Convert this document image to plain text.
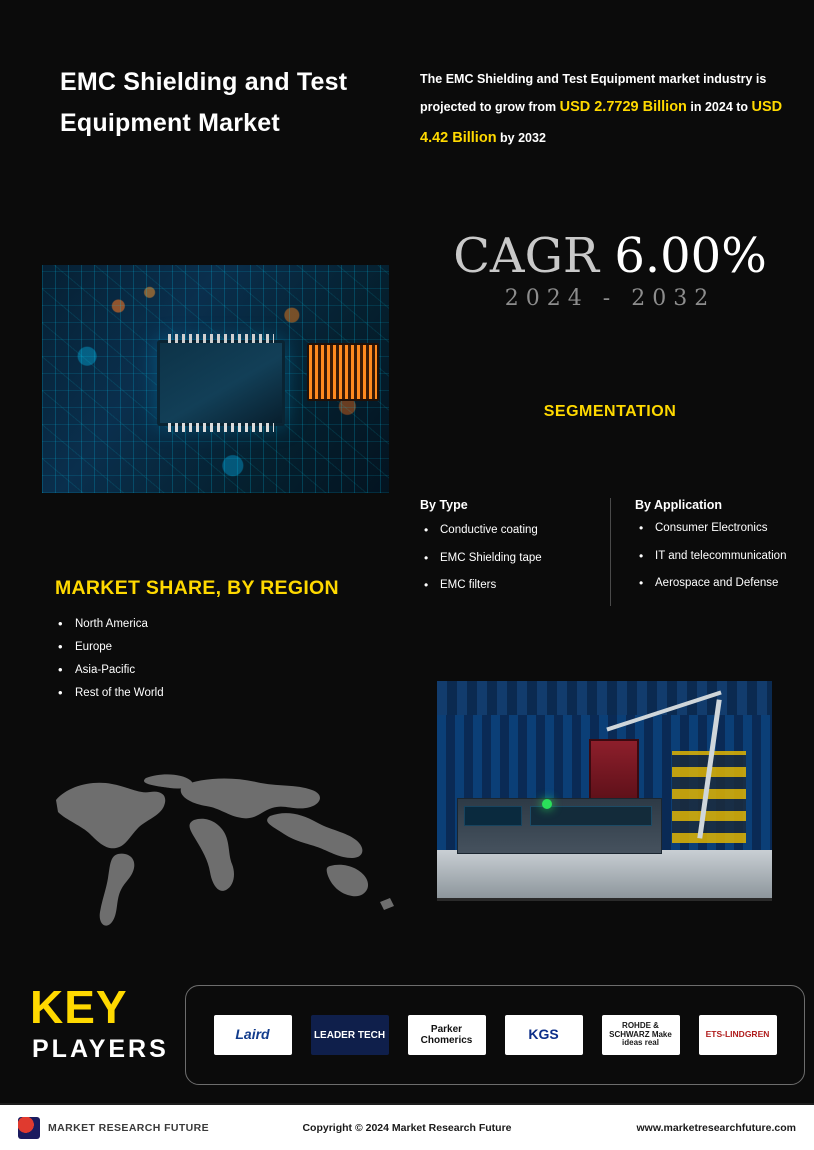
EMC Shielding and Test Equipment Market

The EMC Shielding and Test Equipment market industry is projected to grow from USD 2.7729 Billion in 2024 to USD 4.42 Billion by 2032

CAGR 6.00%
2024 - 2032
SEGMENTATION
By Type
• Conductive coating
• EMC Shielding tape
• EMC filters
By Application
• Consumer Electronics
• IT and telecommunication
• Aerospace and Defense
MARKET SHARE, BY REGION
• North America
• Europe
• Asia-Pacific
• Rest of the World
KEY
PLAYERS
Laird	LEADER TECH	Parker Chomerics	KGS
ROHDE & SCHWARZ Make ideas real
ETS-LINDGREN
MARKET RESEARCH FUTURE	Copyright © 2024 Market Research Future	www.marketresearchfuture.com
